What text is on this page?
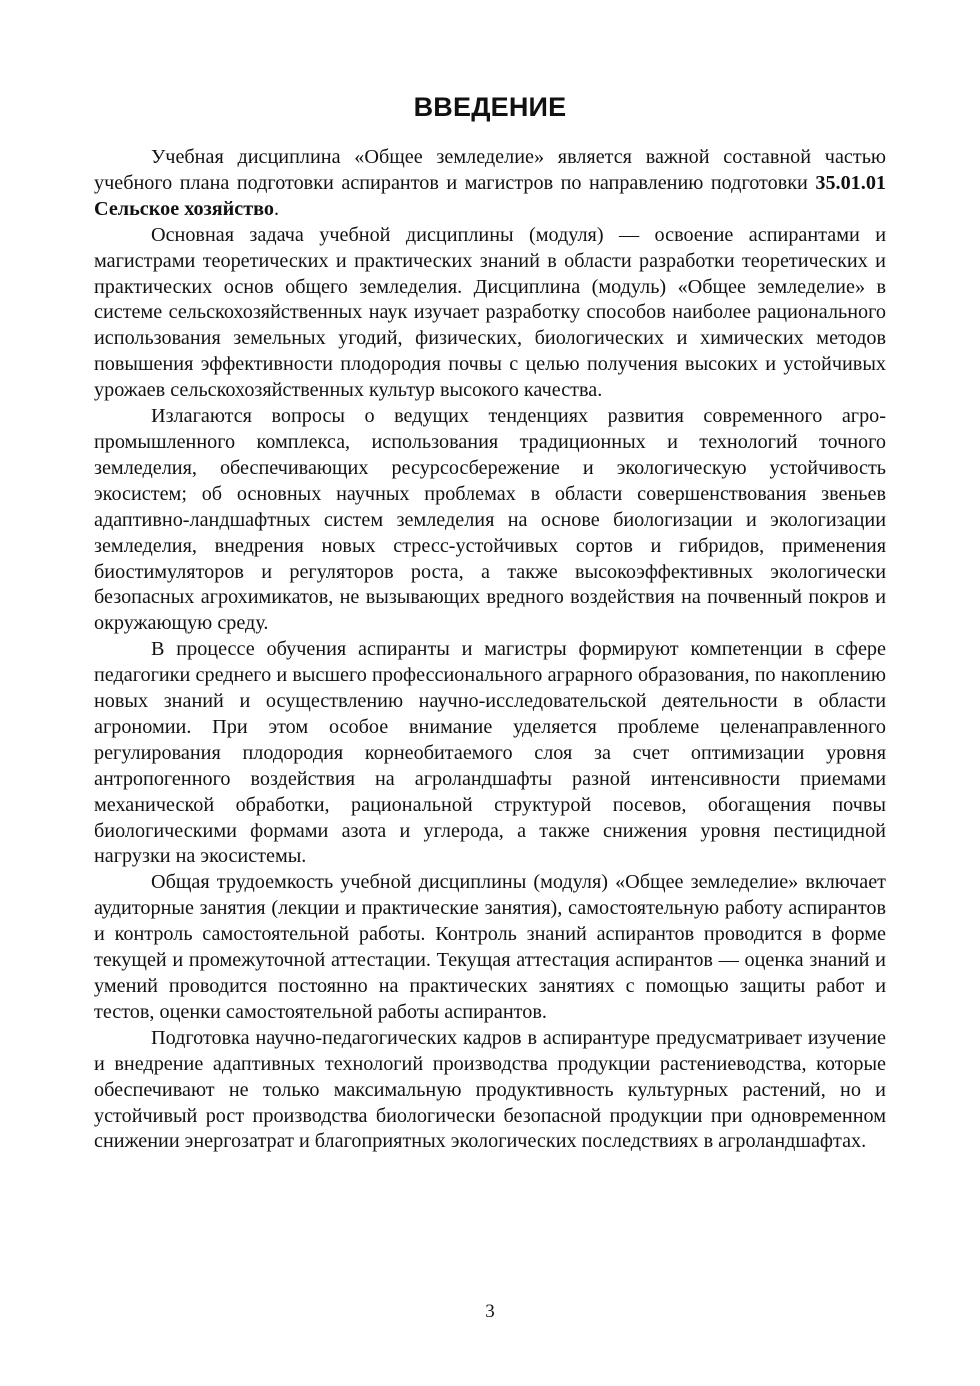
ВВЕДЕНИЕ

Учебная дисциплина «Общее земледелие» является важной составной частью учебного плана подготовки аспирантов и магистров по направлению подготовки 35.01.01 Сельское хозяйство.

Основная задача учебной дисциплины (модуля) — освоение аспирантами и магистрами теоретических и практических знаний в области разработки теоретических и практических основ общего земледелия. Дисциплина (модуль) «Общее земледелие» в системе сельскохозяйственных наук изучает разработку способов наиболее рационального использования земельных угодий, физических, биологических и химических методов повышения эффективности плодородия почвы с целью получения высоких и устойчивых урожаев сельскохозяйственных культур высокого качества.

Излагаются вопросы о ведущих тенденциях развития современного агропромышленного комплекса, использования традиционных и технологий точного земледелия, обеспечивающих ресурсосбережение и экологическую устойчивость экосистем; об основных научных проблемах в области совершенствования звеньев адаптивно-ландшафтных систем земледелия на основе биологизации и экологизации земледелия, внедрения новых стресс-устойчивых сортов и гибридов, применения биостимуляторов и регуляторов роста, а также высокоэффективных экологически безопасных агрохимикатов, не вызывающих вредного воздействия на почвенный покров и окружающую среду.

В процессе обучения аспиранты и магистры формируют компетенции в сфере педагогики среднего и высшего профессионального аграрного образования, по накоплению новых знаний и осуществлению научно-исследовательской деятельности в области агрономии. При этом особое внимание уделяется проблеме целенаправленного регулирования плодородия корнеобитаемого слоя за счет оптимизации уровня антропогенного воздействия на агроландшафты разной интенсивности приемами механической обработки, рациональной структурой посевов, обогащения почвы биологическими формами азота и углерода, а также снижения уровня пестицидной нагрузки на экосистемы.

Общая трудоемкость учебной дисциплины (модуля) «Общее земледелие» включает аудиторные занятия (лекции и практические занятия), самостоятельную работу аспирантов и контроль самостоятельной работы. Контроль знаний аспирантов проводится в форме текущей и промежуточной аттестации. Текущая аттестация аспирантов — оценка знаний и умений проводится постоянно на практических занятиях с помощью защиты работ и тестов, оценки самостоятельной работы аспирантов.

Подготовка научно-педагогических кадров в аспирантуре предусматривает изучение и внедрение адаптивных технологий производства продукции растениеводства, которые обеспечивают не только максимальную продуктивность культурных растений, но и устойчивый рост производства биологически безопасной продукции при одновременном снижении энергозатрат и благоприятных экологических последствиях в агроландшафтах.

3
